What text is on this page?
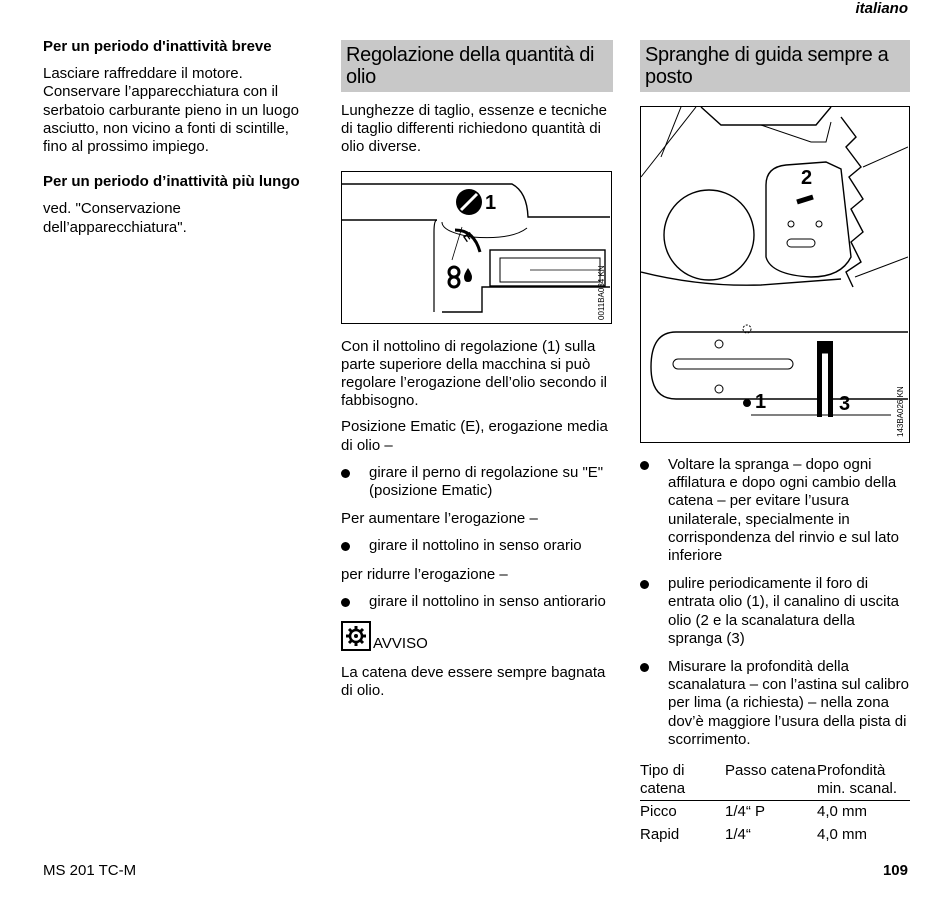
italiano
Per un periodo d'inattività breve
Lasciare raffreddare il motore. Conservare l’apparecchiatura con il serbatoio carburante pieno in un luogo asciutto, non vicino a fonti di scintille, fino al prossimo impiego.
Per un periodo d’inattività più lungo
ved. "Conservazione dell’apparecchiatura".
Regolazione della quantità di olio
Lunghezze di taglio, essenze e tecniche di taglio differenti richiedono quantità di olio diverse.
0011BA034 KN
1
E
Con il nottolino di regolazione (1) sulla parte superiore della macchina si può regolare l’erogazione dell’olio secondo il fabbisogno.
Posizione Ematic (E), erogazione media di olio –
girare il perno di regolazione su "E" (posizione Ematic)
Per aumentare l’erogazione –
girare il nottolino in senso orario
per ridurre l’erogazione –
girare il nottolino in senso antiorario
AVVISO
La catena deve essere sempre bagnata di olio.
Spranghe di guida sempre a posto
143BA026 KN
2
1	3
Voltare la spranga – dopo ogni affilatura e dopo ogni cambio della catena – per evitare l’usura unilaterale, specialmente in corrispondenza del rinvio e sul lato inferiore
pulire periodicamente il foro di entrata olio (1), il canalino di uscita olio (2 e la scanalatura della spranga (3)
Misurare la profondità della scanalatura – con l’astina sul calibro per lima (a richiesta) – nella zona dov’è maggiore l’usura della pista di scorrimento.
Tipo di catena	Passo catena	Profondità min. scanal.
Picco	1/4“ P	4,0 mm
Rapid	1/4“	4,0 mm
MS 201 TC-M	109
